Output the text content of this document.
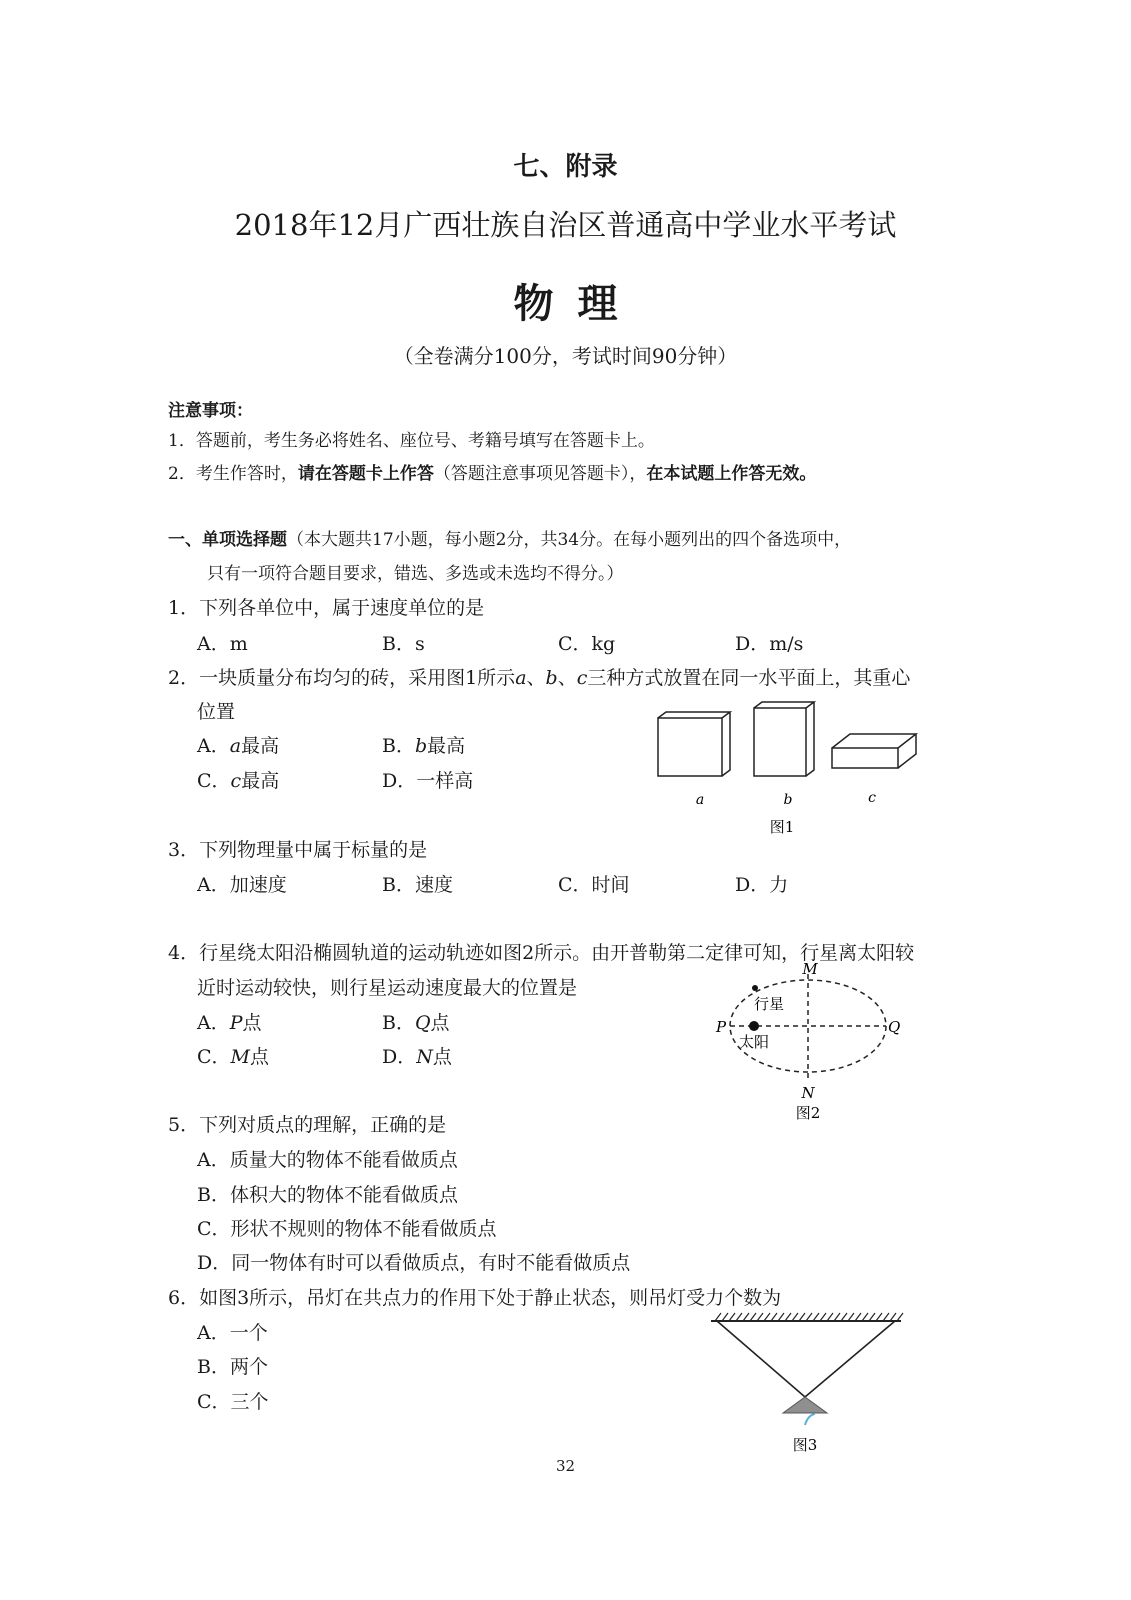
七、附录
2018年12月广西壮族自治区普通高中学业水平考试
物理
（全卷满分100分，考试时间90分钟）
注意事项：
1．答题前，考生务必将姓名、座位号、考籍号填写在答题卡上。
2．考生作答时，请在答题卡上作答（答题注意事项见答题卡），在本试题上作答无效。
一、单项选择题（本大题共17小题，每小题2分，共34分。在每小题列出的四个备选项中，
只有一项符合题目要求，错选、多选或未选均不得分。）
1．下列各单位中，属于速度单位的是
A．m	B．s	C．kg	D．m/s
2．一块质量分布均匀的砖，采用图1所示a、b、c三种方式放置在同一水平面上，其重心
位置
A．a最高	B．b最高
C．c最高	D．一样高
a	b	c
图1
3．下列物理量中属于标量的是
A．加速度	B．速度	C．时间	D．力
4．行星绕太阳沿椭圆轨道的运动轨迹如图2所示。由开普勒第二定律可知，行星离太阳较
近时运动较快，则行星运动速度最大的位置是
A．P点	B．Q点
C．M点	D．N点
M
N
P	Q
行星
太阳
图2
5．下列对质点的理解，正确的是
A．质量大的物体不能看做质点
B．体积大的物体不能看做质点
C．形状不规则的物体不能看做质点
D．同一物体有时可以看做质点，有时不能看做质点
6．如图3所示，吊灯在共点力的作用下处于静止状态，则吊灯受力个数为
A．一个
B．两个
C．三个
图3
32
